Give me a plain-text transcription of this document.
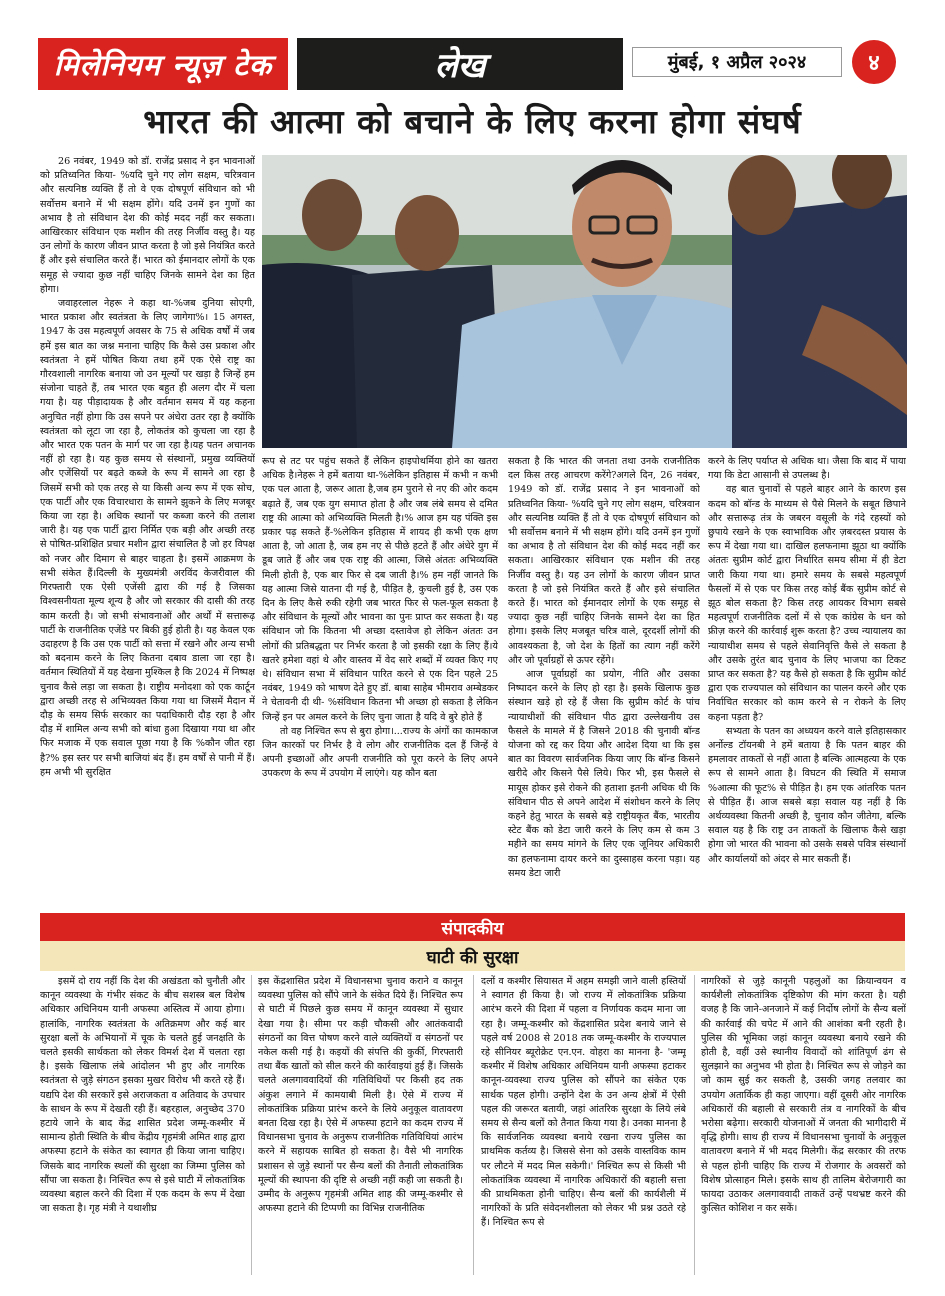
मिलेनियम न्यूज़ टेक	लेख	मुंबई, १ अप्रैल २०२४	४
भारत की आत्मा को बचाने के लिए करना होगा संघर्ष

26 नवंबर, 1949 को डॉ. राजेंद्र प्रसाद ने इन भावनाओं को प्रतिध्वनित किया- %यदि चुने गए लोग सक्षम, चरित्रवान और सत्यनिष्ठ व्यक्ति हैं तो वे एक दोषपूर्ण संविधान को भी सर्वोत्तम बनाने में भी सक्षम होंगे। यदि उनमें इन गुणों का अभाव है तो संविधान देश की कोई मदद नहीं कर सकता। आखिरकार संविधान एक मशीन की तरह निर्जीव वस्तु है। यह उन लोगों के कारण जीवन प्राप्त करता है जो इसे नियंत्रित करते हैं और इसे संचालित करते हैं। भारत को ईमानदार लोगों के एक समूह से ज्यादा कुछ नहीं चाहिए जिनके सामने देश का हित होगा।

जवाहरलाल नेहरू ने कहा था-%जब दुनिया सोएगी, भारत प्रकाश और स्वतंत्रता के लिए जागेगा%। 15 अगस्त, 1947 के उस महत्वपूर्ण अवसर के 75 से अधिक वर्षों में जब हमें इस बात का जश्न मनाना चाहिए कि कैसे उस प्रकाश और स्वतंत्रता ने हमें पोषित किया तथा हमें एक ऐसे राष्ट्र का गौरवशाली नागरिक बनाया जो उन मूल्यों पर खड़ा है जिन्हें हम संजोना चाहते हैं, तब भारत एक बहुत ही अलग दौर में चला गया है। यह पीड़ादायक है और वर्तमान समय में यह कहना अनुचित नहीं होगा कि उस सपने पर अंधेरा उतर रहा है क्योंकि स्वतंत्रता को लूटा जा रहा है, लोकतंत्र को कुचला जा रहा है और भारत एक पतन के मार्ग पर जा रहा है।यह पतन अचानक नहीं हो रहा है। यह कुछ समय से संस्थानों, प्रमुख व्यक्तियों और एजेंसियों पर बढ़ते कब्जे के रूप में सामने आ रहा है जिसमें सभी को एक तरह से या किसी अन्य रूप में एक सोच, एक पार्टी और एक विचारधारा के सामने झुकने के लिए मजबूर किया जा रहा है। अधिक स्थानों पर कब्जा करने की तलाश जारी है। यह एक पार्टी द्वारा निर्मित एक बड़ी और अच्छी तरह से पोषित-प्रशिक्षित प्रचार मशीन द्वारा संचालित है जो हर विपक्ष को नजर और दिमाग से बाहर चाहता है। इसमें आक्रमण के सभी संकेत हैं।दिल्ली के मुख्यमंत्री अरविंद केजरीवाल की गिरफ्तारी एक ऐसी एजेंसी द्वारा की गई है जिसका विश्वसनीयता मूल्य शून्य है और जो सरकार की दासी की तरह काम करती है। जो सभी संभावनाओं और अर्थों में सत्तारूढ़ पार्टी के राजनीतिक एजेंडे पर बिकी हुई होती है। यह केवल एक उदाहरण है कि उस एक पार्टी को सत्ता में रखने और अन्य सभी को बदनाम करने के लिए कितना दबाव डाला जा रहा है। वर्तमान स्थितियों में यह देखना मुश्किल है कि 2024 में निष्पक्ष चुनाव कैसे लड़ा जा सकता है। राष्ट्रीय मनोदशा को एक कार्टून द्वारा अच्छी तरह से अभिव्यक्त किया गया था जिसमें मैदान में दौड़ के समय सिर्फ सरकार का पदाधिकारी दौड़ रहा है और दौड़ में शामिल अन्य सभी को बांधा हुआ दिखाया गया था और फिर मजाक में एक सवाल पूछा गया है कि %कौन जीत रहा है?% इस स्तर पर सभी बाजियां बंद हैं। हम वर्षों से पानी में हैं। हम अभी भी सुरक्षित

रूप से तट पर पहुंच सकते हैं लेकिन हाइपोथर्मिया होने का खतरा अधिक है।नेहरू ने हमें बताया था-%लेकिन इतिहास में कभी न कभी एक पल आता है, जरूर आता है,जब हम पुराने से नए की ओर कदम बढ़ाते हैं, जब एक युग समाप्त होता है और जब लंबे समय से दमित राष्ट्र की आत्मा को अभिव्यक्ति मिलती है।% आज हम यह पंक्ति इस प्रकार पढ़ सकते हैं-%लेकिन इतिहास में शायद ही कभी एक क्षण आता है, जो आता है, जब हम नए से पीछे हटते हैं और अंधेरे युग में डूब जाते हैं और जब एक राष्ट्र की आत्मा, जिसे अंततः अभिव्यक्ति मिली होती है, एक बार फिर से दब जाती है।% हम नहीं जानते कि यह आत्मा जिसे यातना दी गई है, पीड़ित है, कुचली हुई है, उस एक दिन के लिए कैसे रुकी रहेगी जब भारत फिर से फल-फूल सकता है और संविधान के मूल्यों और भावना का पुनः प्राप्त कर सकता है। यह संविधान जो कि कितना भी अच्छा दस्तावेज हो लेकिन अंततः उन लोगों की प्रतिबद्धता पर निर्भर करता है जो इसकी रक्षा के लिए हैं।ये खतरे हमेशा वहां थे और वास्तव में वेद सारे शब्दों में व्यक्त किए गए थे। संविधान सभा में संविधान पारित करने से एक दिन पहले 25 नवंबर, 1949 को भाषण देते हुए डॉ. बाबा साहेब भीमराव अम्बेडकर ने चेतावनी दी थी- %संविधान कितना भी अच्छा हो सकता है लेकिन जिन्हें इन पर अमल करने के लिए चुना जाता है यदि वे बुरे होते हैं

तो वह निश्चित रूप से बुरा होगा।...राज्य के अंगों का कामकाज जिन कारकों पर निर्भर है वे लोग और राजनीतिक दल हैं जिन्हें वे अपनी इच्छाओं और अपनी राजनीति को पूरा करने के लिए अपने उपकरण के रूप में उपयोग में लाएंगे। यह कौन बता

सकता है कि भारत की जनता तथा उनके राजनीतिक दल किस तरह आचरण करेंगे?अगले दिन, 26 नवंबर, 1949 को डॉ. राजेंद्र प्रसाद ने इन भावनाओं को प्रतिध्वनित किया- %यदि चुने गए लोग सक्षम, चरित्रवान और सत्यनिष्ठ व्यक्ति हैं तो वे एक दोषपूर्ण संविधान को भी सर्वोत्तम बनाने में भी सक्षम होंगे। यदि उनमें इन गुणों का अभाव है तो संविधान देश की कोई मदद नहीं कर सकता। आखिरकार संविधान एक मशीन की तरह निर्जीव वस्तु है। यह उन लोगों के कारण जीवन प्राप्त करता है जो इसे नियंत्रित करते हैं और इसे संचालित करते हैं। भारत को ईमानदार लोगों के एक समूह से ज्यादा कुछ नहीं चाहिए जिनके सामने देश का हित होगा। इसके लिए मजबूत चरित्र वाले, दूरदर्शी लोगों की आवश्यकता है, जो देश के हितों का त्याग नहीं करेंगे और जो पूर्वाग्रहों से ऊपर रहेंगे।

आज पूर्वाग्रहों का प्रयोग, नीति और उसका निष्पादन करने के लिए हो रहा है। इसके खिलाफ कुछ संस्थान खड़े हो रहे हैं जैसा कि सुप्रीम कोर्ट के पांच न्यायाधीशों की संविधान पीठ द्वारा उल्लेखनीय उस फैसले के मामले में है जिसने 2018 की चुनावी बॉन्ड योजना को रद्द कर दिया और आदेश दिया था कि इस बात का विवरण सार्वजनिक किया जाए कि बॉन्ड किसने खरीदे और किसने पैसे लिये। फिर भी, इस फैसले से मायूस होकर इसे रोकने की हताशा इतनी अधिक थी कि संविधान पीठ से अपने आदेश में संशोधन करने के लिए कहने हेतु भारत के सबसे बड़े राष्ट्रीयकृत बैंक, भारतीय स्टेट बैंक को डेटा जारी करने के लिए कम से कम 3 महीने का समय मांगने के लिए एक जूनियर अधिकारी का हलफनामा दायर करने का दुस्साहस करना पड़ा। यह समय डेटा जारी

करने के लिए पर्याप्त से अधिक था। जैसा कि बाद में पाया गया कि डेटा आसानी से उपलब्ध है।

वह बात चुनावों से पहले बाहर आने के कारण इस कदम को बॉन्ड के माध्यम से पैसे मिलने के सबूत छिपाने और सत्तारूढ़ तंत्र के जबरन वसूली के गंदे रहस्यों को छुपाये रखने के एक स्वाभाविक और ज़बरदस्त प्रयास के रूप में देखा गया था। दाखिल हलफनामा झूठा था क्योंकि अंततः सुप्रीम कोर्ट द्वारा निर्धारित समय सीमा में ही डेटा जारी किया गया था। हमारे समय के सबसे महत्वपूर्ण फैसलों में से एक पर किस तरह कोई बैंक सुप्रीम कोर्ट से झूठ बोल सकता है? किस तरह आयकर विभाग सबसे महत्वपूर्ण राजनीतिक दलों में से एक कांग्रेस के धन को फ्रीज़ करने की कार्रवाई शुरू करता है? उच्च न्यायालय का न्यायाधीश समय से पहले सेवानिवृत्ति कैसे ले सकता है और उसके तुरंत बाद चुनाव के लिए भाजपा का टिकट प्राप्त कर सकता है? यह कैसे हो सकता है कि सुप्रीम कोर्ट द्वारा एक राज्यपाल को संविधान का पालन करने और एक निर्वाचित सरकार को काम करने से न रोकने के लिए कहना पड़ता है?

सभ्यता के पतन का अध्ययन करने वाले इतिहासकार अर्नोल्ड टॉयनबी ने हमें बताया है कि पतन बाहर की हमलावर ताकतों से नहीं आता है बल्कि आत्महत्या के एक रूप से सामने आता है। विघटन की स्थिति में समाज %आत्मा की फूट% से पीड़ित है। हम एक आंतरिक पतन से पीड़ित हैं। आज सबसे बड़ा सवाल यह नहीं है कि अर्थव्यवस्था कितनी अच्छी है, चुनाव कौन जीतेगा, बल्कि सवाल यह है कि राष्ट्र उन ताकतों के खिलाफ कैसे खड़ा होगा जो भारत की भावना को उसके सबसे पवित्र संस्थानों और कार्यालयों को अंदर से मार सकती हैं।

संपादकीय
घाटी की सुरक्षा

इसमें दो राय नहीं कि देश की अखंडता को चुनौती और कानून व्यवस्था के गंभीर संकट के बीच सशस्त्र बल विशेष अधिकार अधिनियम यानी अफस्पा अस्तित्व में आया होगा। हालांकि, नागरिक स्वतंत्रता के अतिक्रमण और कई बार सुरक्षा बलों के अभियानों में चूक के चलते हुई जनक्षति के चलते इसकी सार्थकता को लेकर विमर्श देश में चलता रहा है। इसके खिलाफ लंबे आंदोलन भी हुए और नागरिक स्वतंत्रता से जुड़े संगठन इसका मुखर विरोध भी करते रहे हैं। यद्यपि देश की सरकारें इसे अराजकता व अतिवाद के उपचार के साधन के रूप में देखती रही हैं। बहरहाल, अनुच्छेद 370 हटाये जाने के बाद केंद्र शासित प्रदेश जम्मू-कश्मीर में सामान्य होती स्थिति के बीच केंद्रीय गृहमंत्री अमित शाह द्वारा अफस्पा हटाने के संकेत का स्वागत ही किया जाना चाहिए। जिसके बाद नागरिक स्थलों की सुरक्षा का जिम्मा पुलिस को सौंपा जा सकता है। निश्चित रूप से इसे घाटी में लोकतांत्रिक व्यवस्था बहाल करने की दिशा में एक कदम के रूप में देखा जा सकता है। गृह मंत्री ने यथाशीघ्र

इस केंद्रशासित प्रदेश में विधानसभा चुनाव कराने व कानून व्यवस्था पुलिस को सौंपे जाने के संकेत दिये हैं। निश्चित रूप से घाटी में पिछले कुछ समय में कानून व्यवस्था में सुधार देखा गया है। सीमा पर कड़ी चौकसी और आतंकवादी संगठनों का वित्त पोषण करने वाले व्यक्तियों व संगठनों पर नकेल कसी गई है। कइयों की संपत्ति की कुर्की, गिरफ्तारी तथा बैंक खातों को सील करने की कार्रवाइयां हुई हैं। जिसके चलते अलगाववादियों की गतिविधियों पर किसी हद तक अंकुश लगाने में कामयाबी मिली है। ऐसे में राज्य में लोकतांत्रिक प्रक्रिया प्रारंभ करने के लिये अनुकूल वातावरण बनता दिख रहा है। ऐसे में अफस्पा हटाने का कदम राज्य में विधानसभा चुनाव के अनुरूप राजनीतिक गतिविधियां आरंभ करने में सहायक साबित हो सकता है। वैसे भी नागरिक प्रशासन से जुड़े स्थानों पर सैन्य बलों की तैनाती लोकतांत्रिक मूल्यों की स्थापना की दृष्टि से अच्छी नहीं कही जा सकती है।उम्मीद के अनुरूप गृहमंत्री अमित शाह की जम्मू-कश्मीर से अफस्पा हटाने की टिप्पणी का विभिन्न राजनीतिक

दलों व कश्मीर सियासत में अहम समझी जाने वाली हस्तियों ने स्वागत ही किया है। जो राज्य में लोकतांत्रिक प्रक्रिया आरंभ करने की दिशा में पहला व निर्णायक कदम माना जा रहा है। जम्मू-कश्मीर को केंद्रशासित प्रदेश बनाये जाने से पहले वर्ष 2008 से 2018 तक जम्मू-कश्मीर के राज्यपाल रहे सीनियर ब्यूरोक्रेट एन.एन. वोहरा का मानना है- 'जम्मू कश्मीर में विशेष अधिकार अधिनियम यानी अफस्पा हटाकर कानून-व्यवस्था राज्य पुलिस को सौंपने का संकेत एक सार्थक पहल होगी। उन्होंने देश के उन अन्य क्षेत्रों में ऐसी पहल की जरूरत बतायी, जहां आंतरिक सुरक्षा के लिये लंबे समय से सैन्य बलों को तैनात किया गया है। उनका मानना है कि सार्वजनिक व्यवस्था बनाये रखना राज्य पुलिस का प्राथमिक कर्तव्य है। जिससे सेना को उसके वास्तविक काम पर लौटने में मदद मिल सकेगी।' निश्चित रूप से किसी भी लोकतांत्रिक व्यवस्था में नागरिक अधिकारों की बहाली सत्ता की प्राथमिकता होनी चाहिए। सैन्य बलों की कार्यशैली में नागरिकों के प्रति संवेदनशीलता को लेकर भी प्रश्न उठते रहे हैं। निश्चित रूप से

नागरिकों से जुड़े कानूनी पहलुओं का क्रियान्वयन व कार्यशैली लोकतांत्रिक दृष्टिकोण की मांग करता है। यही वजह है कि जाने-अनजाने में कई निर्दोष लोगों के सैन्य बलों की कार्रवाई की चपेट में आने की आशंका बनी रहती है। पुलिस की भूमिका जहां कानून व्यवस्था बनाये रखने की होती है, वहीं उसे स्थानीय विवादों को शांतिपूर्ण ढंग से सुलझाने का अनुभव भी होता है। निश्चित रूप से जोड़ने का जो काम सुई कर सकती है, उसकी जगह तलवार का उपयोग अतार्किक ही कहा जाएगा। वहीं दूसरी ओर नागरिक अधिकारों की बहाली से सरकारी तंत्र व नागरिकों के बीच भरोसा बढ़ेगा। सरकारी योजनाओं में जनता की भागीदारी में वृद्धि होगी। साथ ही राज्य में विधानसभा चुनावों के अनुकूल वातावरण बनाने में भी मदद मिलेगी। केंद्र सरकार की तरफ से पहल होनी चाहिए कि राज्य में रोजगार के अवसरों को विशेष प्रोत्साहन मिले। इसके साथ ही तालिम बेरोजगारी का फायदा उठाकर अलगाववादी ताकतें उन्हें पथभ्रष्ट करने की कुत्सित कोशिश न कर सकें।
